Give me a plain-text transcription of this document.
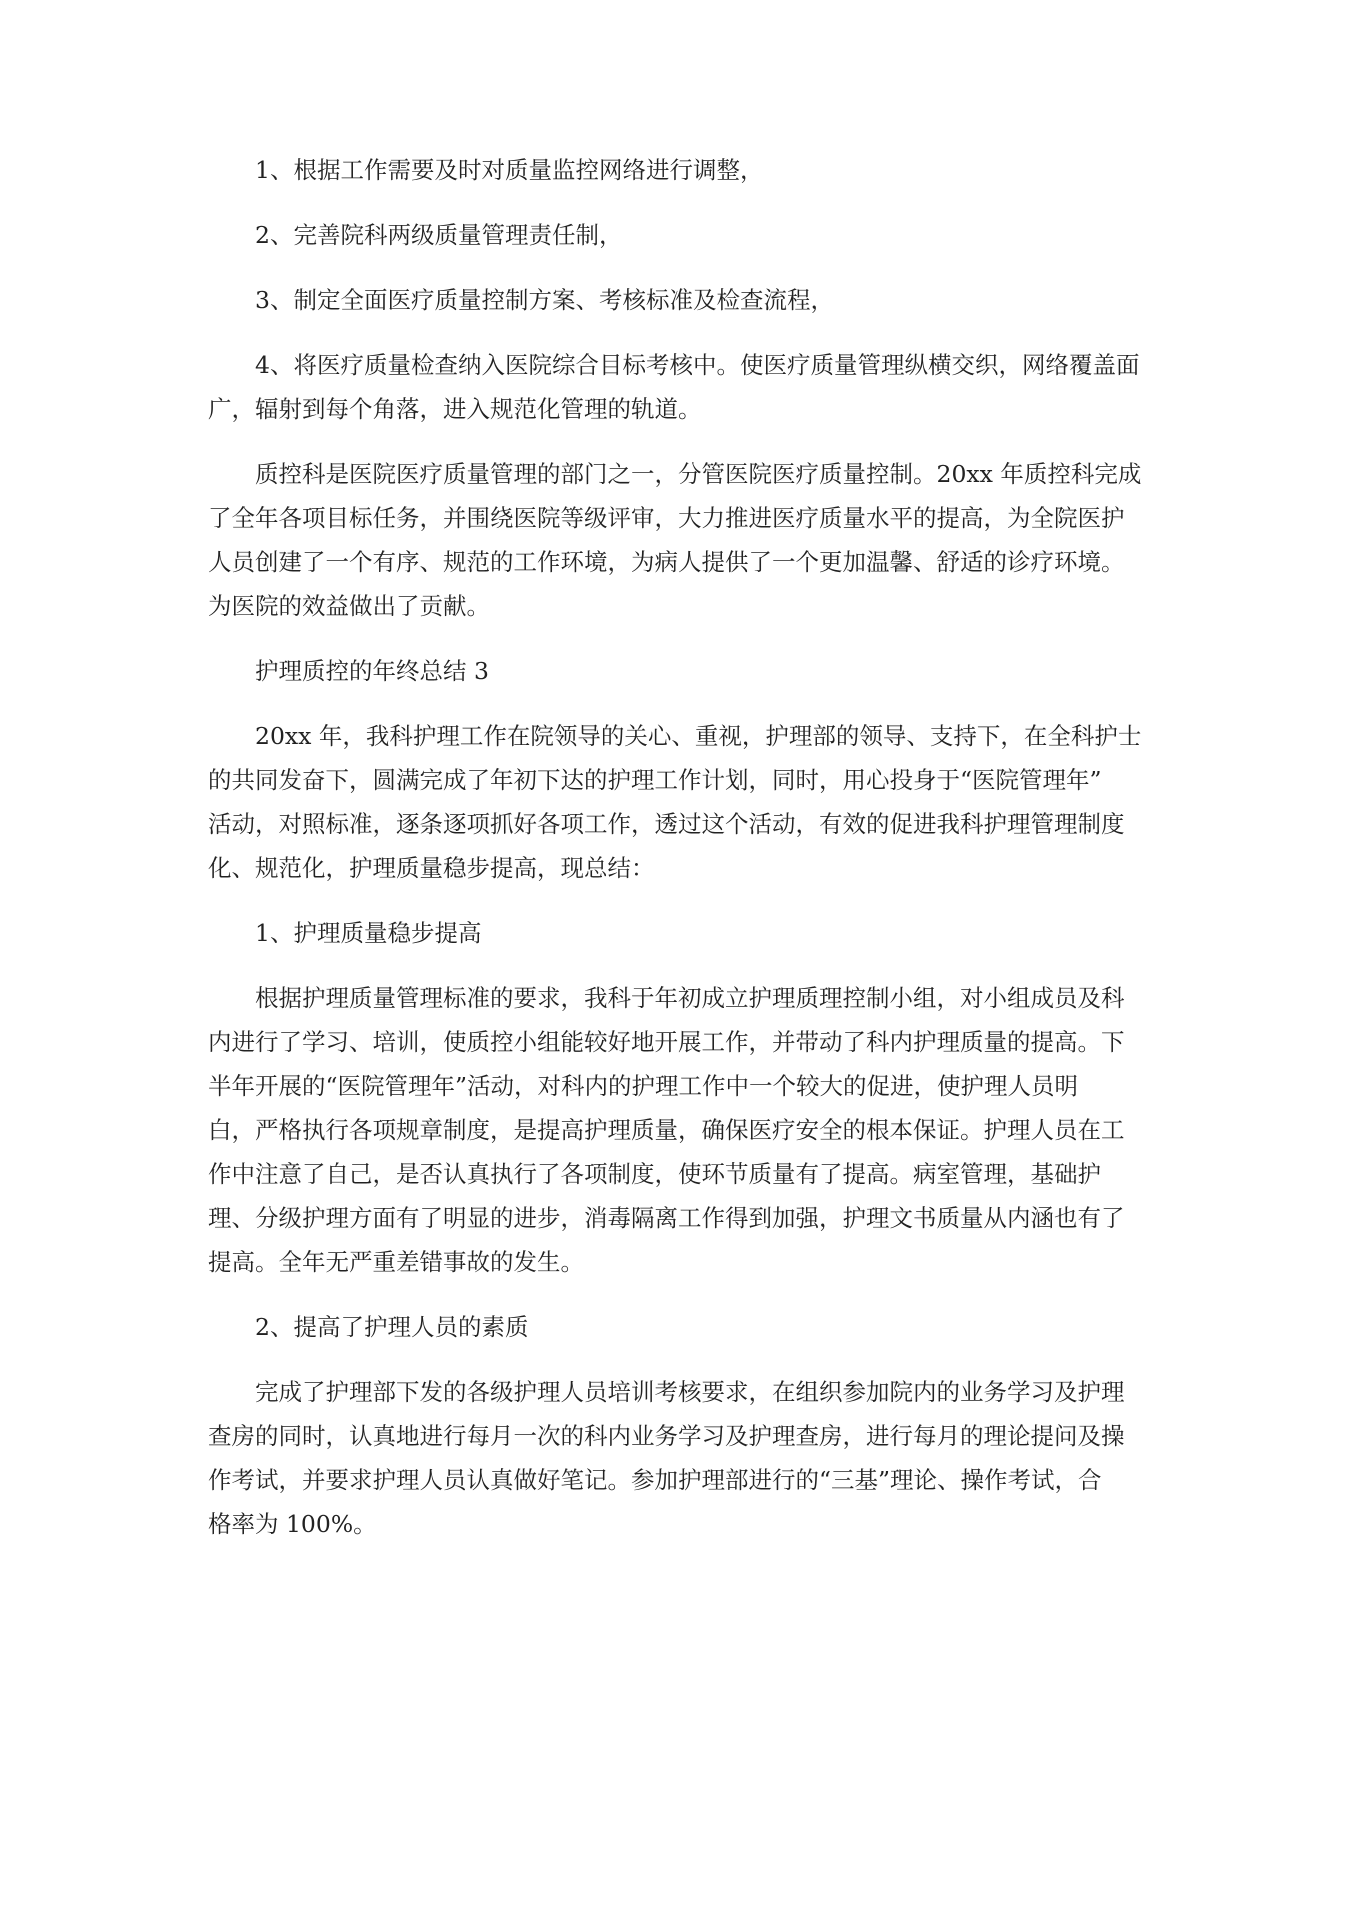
1、根据工作需要及时对质量监控网络进行调整，

2、完善院科两级质量管理责任制，

3、制定全面医疗质量控制方案、考核标准及检查流程，

4、将医疗质量检查纳入医院综合目标考核中。使医疗质量管理纵横交织，网络覆盖面
广，辐射到每个角落，进入规范化管理的轨道。

质控科是医院医疗质量管理的部门之一，分管医院医疗质量控制。20xx 年质控科完成
了全年各项目标任务，并围绕医院等级评审，大力推进医疗质量水平的提高，为全院医护
人员创建了一个有序、规范的工作环境，为病人提供了一个更加温馨、舒适的诊疗环境。
为医院的效益做出了贡献。

护理质控的年终总结 3

20xx 年，我科护理工作在院领导的关心、重视，护理部的领导、支持下，在全科护士
的共同发奋下，圆满完成了年初下达的护理工作计划，同时，用心投身于“医院管理年”
活动，对照标准，逐条逐项抓好各项工作，透过这个活动，有效的促进我科护理管理制度
化、规范化，护理质量稳步提高，现总结：

1、护理质量稳步提高

根据护理质量管理标准的要求，我科于年初成立护理质理控制小组，对小组成员及科
内进行了学习、培训，使质控小组能较好地开展工作，并带动了科内护理质量的提高。下
半年开展的“医院管理年”活动，对科内的护理工作中一个较大的促进，使护理人员明
白，严格执行各项规章制度，是提高护理质量，确保医疗安全的根本保证。护理人员在工
作中注意了自己，是否认真执行了各项制度，使环节质量有了提高。病室管理，基础护
理、分级护理方面有了明显的进步，消毒隔离工作得到加强，护理文书质量从内涵也有了
提高。全年无严重差错事故的发生。

2、提高了护理人员的素质

完成了护理部下发的各级护理人员培训考核要求，在组织参加院内的业务学习及护理
查房的同时，认真地进行每月一次的科内业务学习及护理查房，进行每月的理论提问及操
作考试，并要求护理人员认真做好笔记。参加护理部进行的“三基”理论、操作考试，合
格率为 100%。
